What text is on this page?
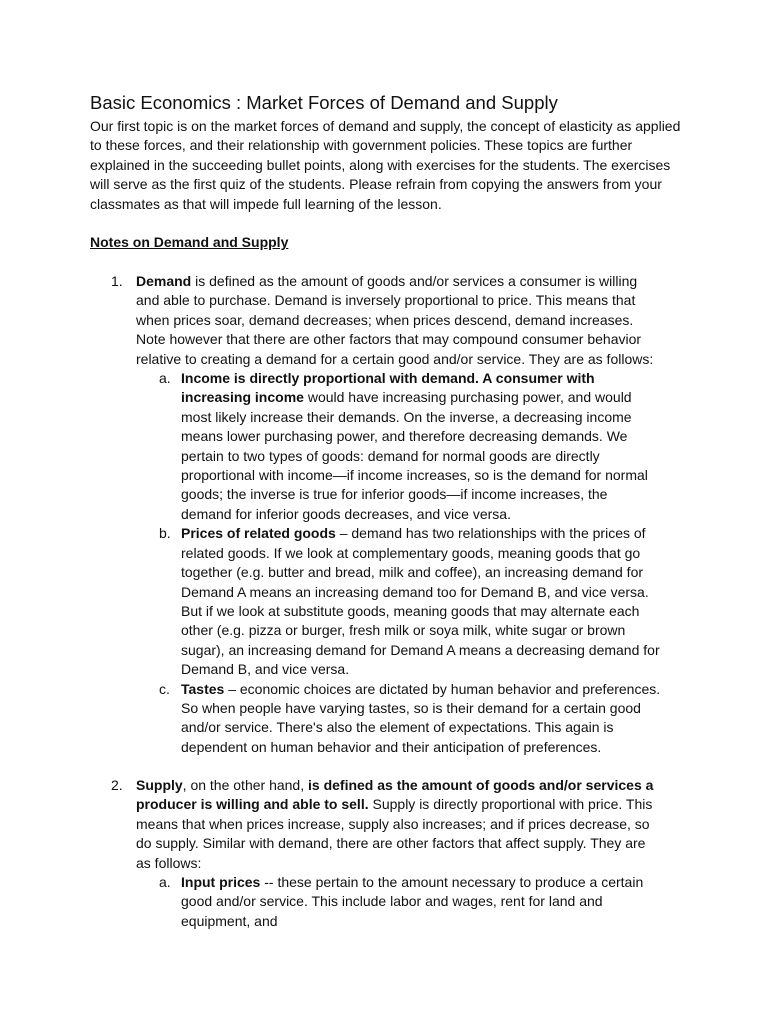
Basic Economics : Market Forces of Demand and Supply

Our first topic is on the market forces of demand and supply, the concept of elasticity as applied to these forces, and their relationship with government policies. These topics are further explained in the succeeding bullet points, along with exercises for the students. The exercises will serve as the first quiz of the students. Please refrain from copying the answers from your classmates as that will impede full learning of the lesson.

Notes on Demand and Supply

1. Demand is defined as the amount of goods and/or services a consumer is willing and able to purchase. Demand is inversely proportional to price. This means that when prices soar, demand decreases; when prices descend, demand increases. Note however that there are other factors that may compound consumer behavior relative to creating a demand for a certain good and/or service. They are as follows:

a. Income is directly proportional with demand. A consumer with increasing income would have increasing purchasing power, and would most likely increase their demands. On the inverse, a decreasing income means lower purchasing power, and therefore decreasing demands. We pertain to two types of goods: demand for normal goods are directly proportional with income—if income increases, so is the demand for normal goods; the inverse is true for inferior goods—if income increases, the demand for inferior goods decreases, and vice versa.
b. Prices of related goods – demand has two relationships with the prices of related goods. If we look at complementary goods, meaning goods that go together (e.g. butter and bread, milk and coffee), an increasing demand for Demand A means an increasing demand too for Demand B, and vice versa. But if we look at substitute goods, meaning goods that may alternate each other (e.g. pizza or burger, fresh milk or soya milk, white sugar or brown sugar), an increasing demand for Demand A means a decreasing demand for Demand B, and vice versa.
c. Tastes – economic choices are dictated by human behavior and preferences. So when people have varying tastes, so is their demand for a certain good and/or service. There's also the element of expectations. This again is dependent on human behavior and their anticipation of preferences.
2. Supply, on the other hand, is defined as the amount of goods and/or services a producer is willing and able to sell. Supply is directly proportional with price. This means that when prices increase, supply also increases; and if prices decrease, so do supply. Similar with demand, there are other factors that affect supply. They are as follows:

a. Input prices -- these pertain to the amount necessary to produce a certain good and/or service. This include labor and wages, rent for land and equipment, and
